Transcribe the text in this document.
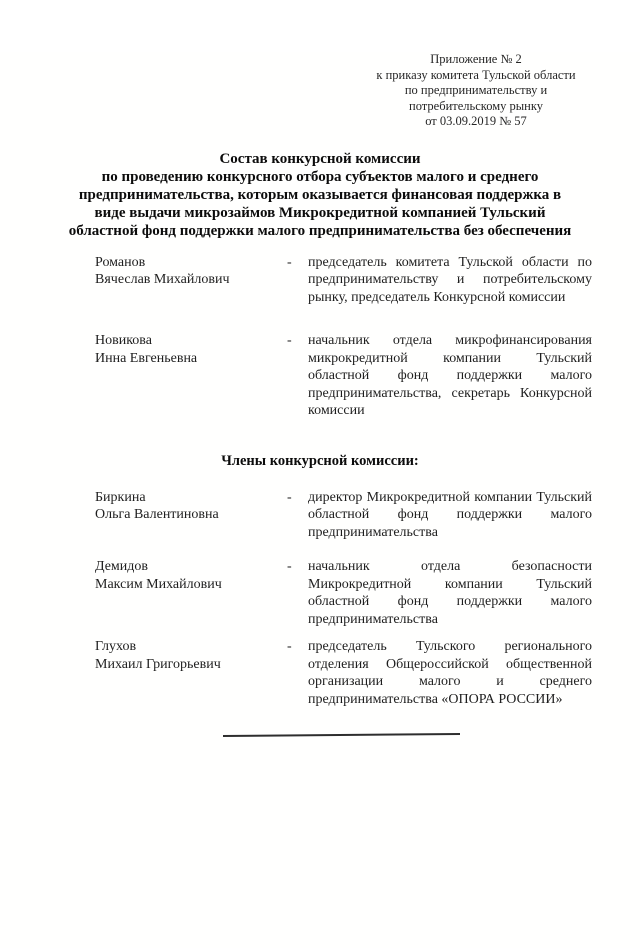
Приложение № 2
к приказу комитета Тульской области
по предпринимательству и
потребительскому рынку
от 03.09.2019 № 57
Состав конкурсной комиссии
по проведению конкурсного отбора субъектов малого и среднего
предпринимательства, которым оказывается финансовая поддержка в
виде выдачи микрозаймов Микрокредитной компанией Тульский
областной фонд поддержки малого предпринимательства без обеспечения
Романов
Вячеслав Михайлович
-	председатель комитета Тульской области по предпринимательству и потребительскому рынку, председатель Конкурсной комиссии
Новикова
Инна Евгеньевна
-	начальник отдела микрофинансирования микрокредитной компании Тульский областной фонд поддержки малого предпринимательства, секретарь Конкурсной комиссии
Члены конкурсной комиссии:
Биркина
Ольга Валентиновна
-	директор Микрокредитной компании Тульский областной фонд поддержки малого предпринимательства
Демидов
Максим Михайлович
-	начальник отдела безопасности Микрокредитной компании Тульский областной фонд поддержки малого предпринимательства
Глухов
Михаил Григорьевич
-	председатель Тульского регионального отделения Общероссийской общественной организации малого и среднего предпринимательства «ОПОРА РОССИИ»
